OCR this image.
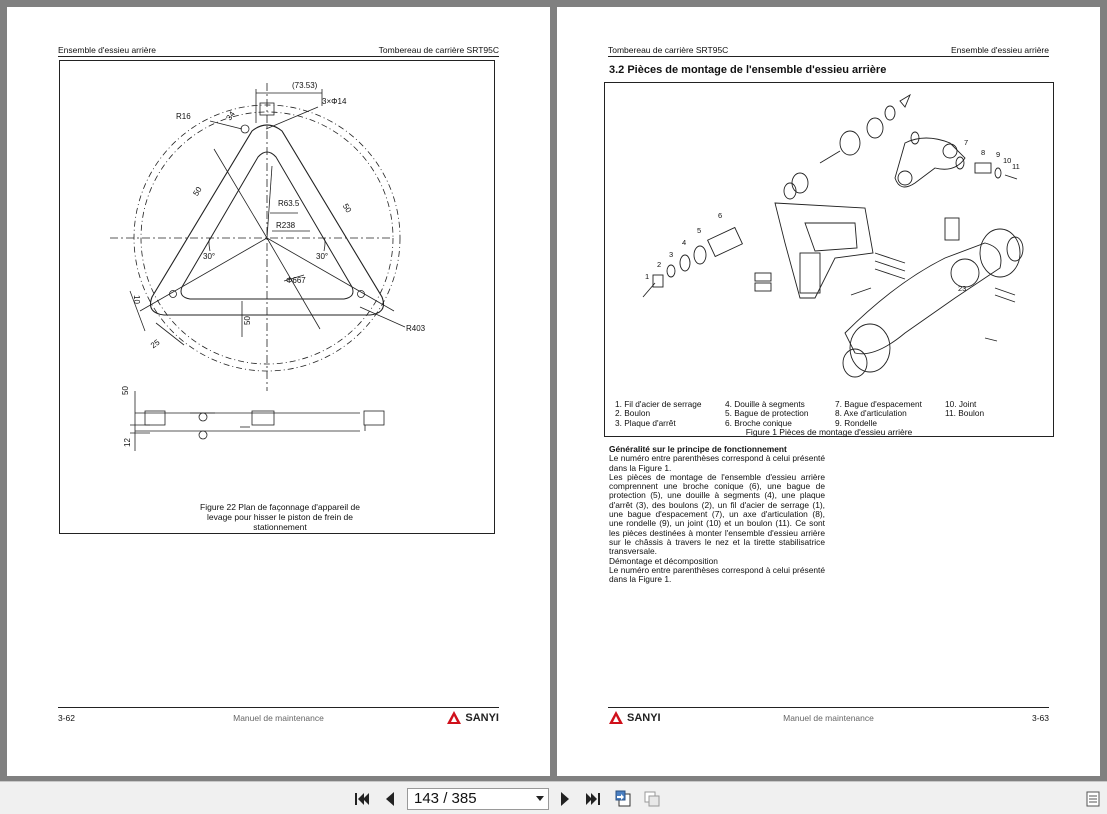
Ensemble d'essieu arrière	Tombereau de carrière SRT95C
(73.53)
3×Φ14
R16	34
50
50
R63.5
R238
30°	30°
Φ667
10
50
25
R403
50
12
Figure 22 Plan de façonnage d'appareil de
levage pour hisser le piston de frein de
stationnement
3-62	Manuel de maintenance	SANYI
Tombereau de carrière SRT95C	Ensemble d'essieu arrière
3.2 Pièces de montage de l'ensemble d'essieu arrière
1
2
3
4
5
6
7
8 9
10
11
23
1. Fil d'acier de serrage
2. Boulon
3. Plaque d'arrêt
4. Douille à segments
5. Bague de protection
6. Broche conique
7. Bague d'espacement
8. Axe d'articulation
9. Rondelle
10. Joint
11. Boulon
Figure 1 Pièces de montage d'essieu arrière

Généralité sur le principe de fonctionnement

Le numéro entre parenthèses correspond à celui présenté dans la Figure 1.

Les pièces de montage de l'ensemble d'essieu arrière comprennent une broche conique (6), une bague de protection (5), une douille à segments (4), une plaque d'arrêt (3), des boulons (2), un fil d'acier de serrage (1), une bague d'espacement (7), un axe d'articulation (8), une rondelle (9), un joint (10) et un boulon (11). Ce sont les pièces destinées à monter l'ensemble d'essieu arrière sur le châssis à travers le nez et la tirette stabilisatrice transversale.

Démontage et décomposition

Le numéro entre parenthèses correspond à celui présenté dans la Figure 1.

SANYI	Manuel de maintenance	3-63
143 / 385
